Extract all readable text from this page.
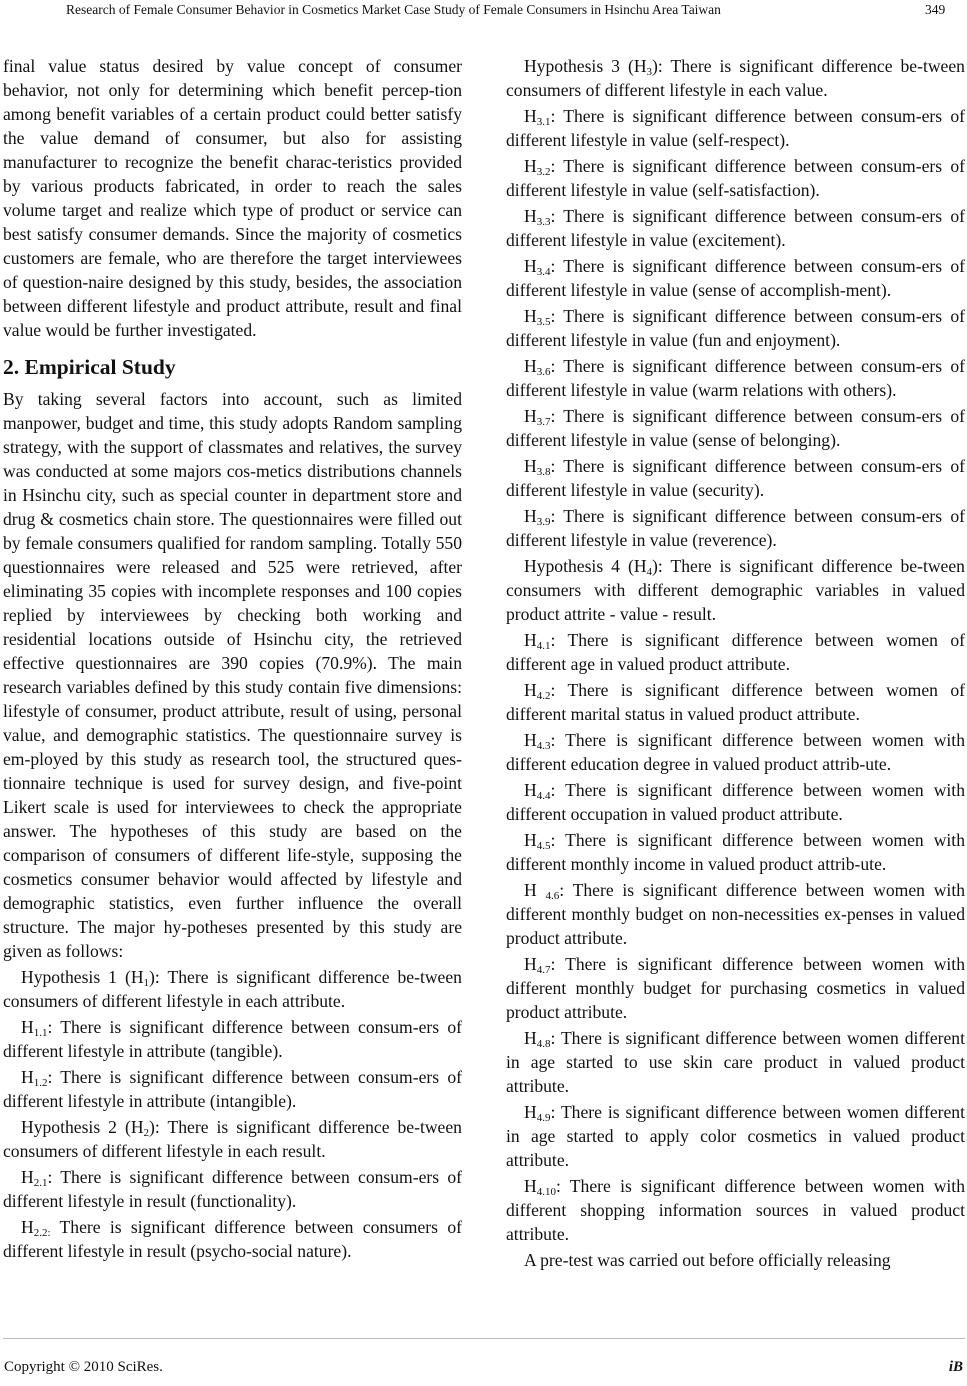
Research of Female Consumer Behavior in Cosmetics Market Case Study of Female Consumers in Hsinchu Area Taiwan	349

final value status desired by value concept of consumer behavior, not only for determining which benefit percep-tion among benefit variables of a certain product could better satisfy the value demand of consumer, but also for assisting manufacturer to recognize the benefit charac-teristics provided by various products fabricated, in order to reach the sales volume target and realize which type of product or service can best satisfy consumer demands. Since the majority of cosmetics customers are female, who are therefore the target interviewees of question-naire designed by this study, besides, the association between different lifestyle and product attribute, result and final value would be further investigated.

2. Empirical Study

By taking several factors into account, such as limited manpower, budget and time, this study adopts Random sampling strategy, with the support of classmates and relatives, the survey was conducted at some majors cos-metics distributions channels in Hsinchu city, such as special counter in department store and drug & cosmetics chain store. The questionnaires were filled out by female consumers qualified for random sampling. Totally 550 questionnaires were released and 525 were retrieved, after eliminating 35 copies with incomplete responses and 100 copies replied by interviewees by checking both working and residential locations outside of Hsinchu city, the retrieved effective questionnaires are 390 copies (70.9%). The main research variables defined by this study contain five dimensions: lifestyle of consumer, product attribute, result of using, personal value, and demographic statistics. The questionnaire survey is em-ployed by this study as research tool, the structured ques-tionnaire technique is used for survey design, and five-point Likert scale is used for interviewees to check the appropriate answer. The hypotheses of this study are based on the comparison of consumers of different life-style, supposing the cosmetics consumer behavior would affected by lifestyle and demographic statistics, even further influence the overall structure. The major hy-potheses presented by this study are given as follows:

Hypothesis 1 $(H_1)$: There is significant difference be-tween consumers of different lifestyle in each attribute.

$H_{1.1}$: There is significant difference between consum-ers of different lifestyle in attribute (tangible).

$H_{1.2}$: There is significant difference between consum-ers of different lifestyle in attribute (intangible).

Hypothesis 2 $(H_2)$: There is significant difference be-tween consumers of different lifestyle in each result.

$H_{2.1}$: There is significant difference between consum-ers of different lifestyle in result (functionality).

$H_{2.2:}$ There is significant difference between consumers of different lifestyle in result (psycho-social nature).

Hypothesis 3 $(H_3)$: There is significant difference be-tween consumers of different lifestyle in each value.

$H_{3.1}$: There is significant difference between consum-ers of different lifestyle in value (self-respect).

$H_{3.2}$: There is significant difference between consum-ers of different lifestyle in value (self-satisfaction).

$H_{3.3}$: There is significant difference between consum-ers of different lifestyle in value (excitement).

$H_{3.4}$: There is significant difference between consum-ers of different lifestyle in value (sense of accomplish-ment).

$H_{3.5}$: There is significant difference between consum-ers of different lifestyle in value (fun and enjoyment).

$H_{3.6}$: There is significant difference between consum-ers of different lifestyle in value (warm relations with others).

$H_{3.7}$: There is significant difference between consum-ers of different lifestyle in value (sense of belonging).

$H_{3.8}$: There is significant difference between consum-ers of different lifestyle in value (security).

$H_{3.9}$: There is significant difference between consum-ers of different lifestyle in value (reverence).

Hypothesis 4 $(H_4)$: There is significant difference be-tween consumers with different demographic variables in valued product attrite - value - result.

$H_{4.1}$: There is significant difference between women of different age in valued product attribute.

$H_{4.2}$: There is significant difference between women of different marital status in valued product attribute.

$H_{4.3}$: There is significant difference between women with different education degree in valued product attrib-ute.

$H_{4.4}$: There is significant difference between women with different occupation in valued product attribute.

$H_{4.5}$: There is significant difference between women with different monthly income in valued product attrib-ute.

H $_{4.6}$: There is significant difference between women with different monthly budget on non-necessities ex-penses in valued product attribute.

$H_{4.7}$: There is significant difference between women with different monthly budget for purchasing cosmetics in valued product attribute.

$H_{4.8}$: There is significant difference between women different in age started to use skin care product in valued product attribute.

$H_{4.9}$: There is significant difference between women different in age started to apply color cosmetics in valued product attribute.

$H_{4.10}$: There is significant difference between women with different shopping information sources in valued product attribute.

A pre-test was carried out before officially releasing

Copyright © 2010 SciRes.	iB
